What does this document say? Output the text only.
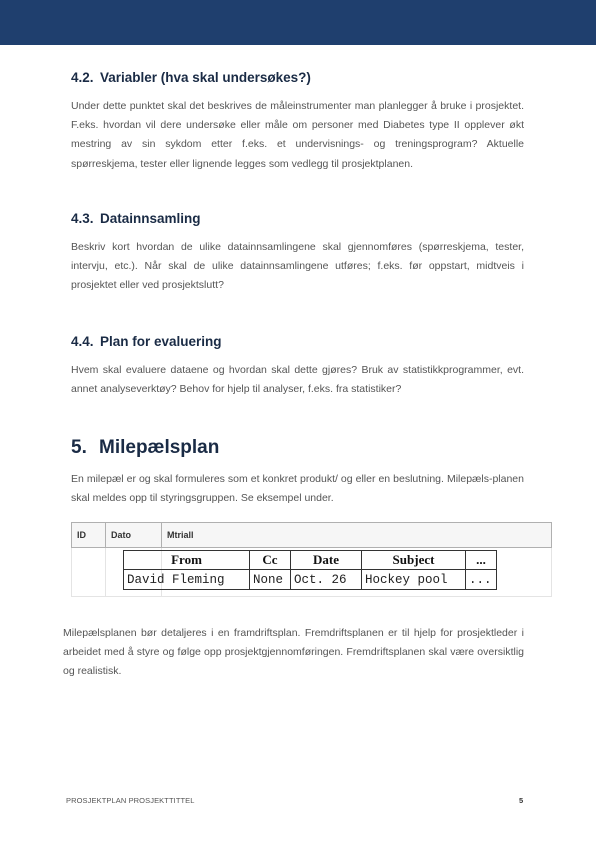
4.2. Variabler (hva skal undersøkes?)

Under dette punktet skal det beskrives de måleinstrumenter man planlegger å bruke i prosjektet. F.eks. hvordan vil dere undersøke eller måle om personer med Diabetes type II opplever økt mestring av sin sykdom etter f.eks. et undervisnings- og treningsprogram? Aktuelle spørreskjema, tester eller lignende legges som vedlegg til prosjektplanen.

4.3. Datainnsamling

Beskriv kort hvordan de ulike datainnsamlingene skal gjennomføres (spørreskjema, tester, intervju, etc.). Når skal de ulike datainnsamlingene utføres; f.eks. før oppstart, midtveis i prosjektet eller ved prosjektslutt?

4.4. Plan for evaluering

Hvem skal evaluere dataene og hvordan skal dette gjøres? Bruk av statistikkprogrammer, evt. annet analyseverktøy? Behov for hjelp til analyser, f.eks. fra statistiker?

5. Milepælsplan

En milepæl er og skal formuleres som et konkret produkt/ og eller en beslutning. Milepæls-planen skal meldes opp til styringsgruppen. Se eksempel under.

ID	Dato	Mtriall

From	Cc	Date	Subject	...
David Fleming	None	Oct. 26	Hockey pool	...

Milepælsplanen bør detaljeres i en framdriftsplan. Fremdriftsplanen er til hjelp for prosjektleder i arbeidet med å styre og følge opp prosjektgjennomføringen. Fremdriftsplanen skal være oversiktlig og realistisk.

PROSJEKTPLAN PROSJEKTTITTEL	5
